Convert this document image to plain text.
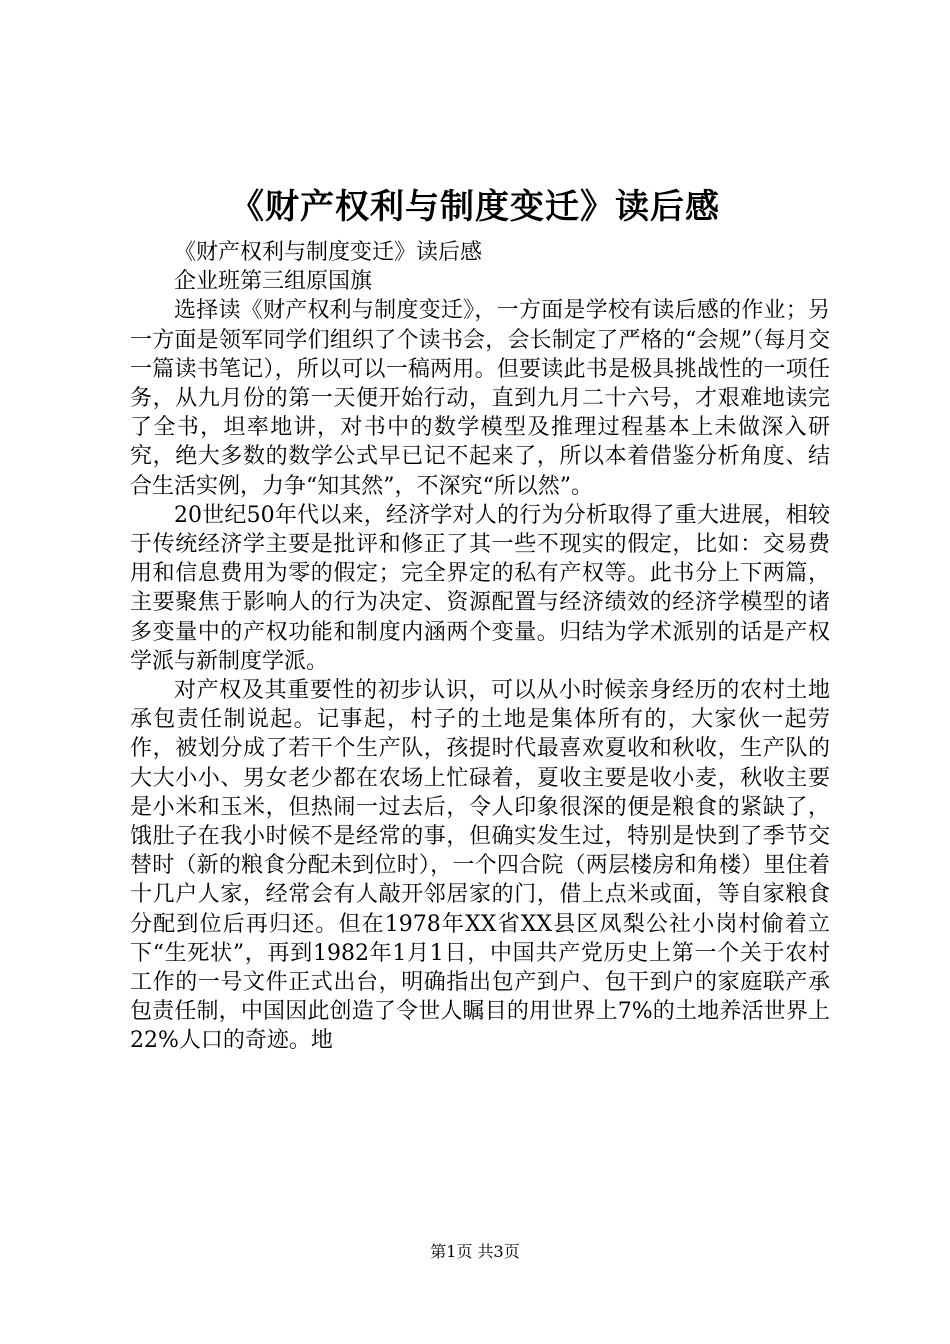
《财产权利与制度变迁》读后感

《财产权利与制度变迁》读后感

企业班第三组原国旗

选择读《财产权利与制度变迁》，一方面是学校有读后感的作业；另一方面是领军同学们组织了个读书会，会长制定了严格的“会规”（每月交一篇读书笔记），所以可以一稿两用。但要读此书是极具挑战性的一项任务，从九月份的第一天便开始行动，直到九月二十六号，才艰难地读完了全书，坦率地讲，对书中的数学模型及推理过程基本上未做深入研究，绝大多数的数学公式早已记不起来了，所以本着借鉴分析角度、结合生活实例，力争“知其然”，不深究“所以然”。

20世纪50年代以来，经济学对人的行为分析取得了重大进展，相较于传统经济学主要是批评和修正了其一些不现实的假定，比如：交易费用和信息费用为零的假定；完全界定的私有产权等。此书分上下两篇，主要聚焦于影响人的行为决定、资源配置与经济绩效的经济学模型的诸多变量中的产权功能和制度内涵两个变量。归结为学术派别的话是产权学派与新制度学派。

对产权及其重要性的初步认识，可以从小时候亲身经历的农村土地承包责任制说起。记事起，村子的土地是集体所有的，大家伙一起劳作，被划分成了若干个生产队，孩提时代最喜欢夏收和秋收，生产队的大大小小、男女老少都在农场上忙碌着，夏收主要是收小麦，秋收主要是小米和玉米，但热闹一过去后，令人印象很深的便是粮食的紧缺了，饿肚子在我小时候不是经常的事，但确实发生过，特别是快到了季节交替时（新的粮食分配未到位时），一个四合院（两层楼房和角楼）里住着十几户人家，经常会有人敲开邻居家的门，借上点米或面，等自家粮食分配到位后再归还。但在1978年XX省XX县区凤梨公社小岗村偷着立下“生死状”，再到1982年1月1日，中国共产党历史上第一个关于农村工作的一号文件正式出台，明确指出包产到户、包干到户的家庭联产承包责任制，中国因此创造了令世人瞩目的用世界上7%的土地养活世界上22%人口的奇迹。地

第1页 共3页
